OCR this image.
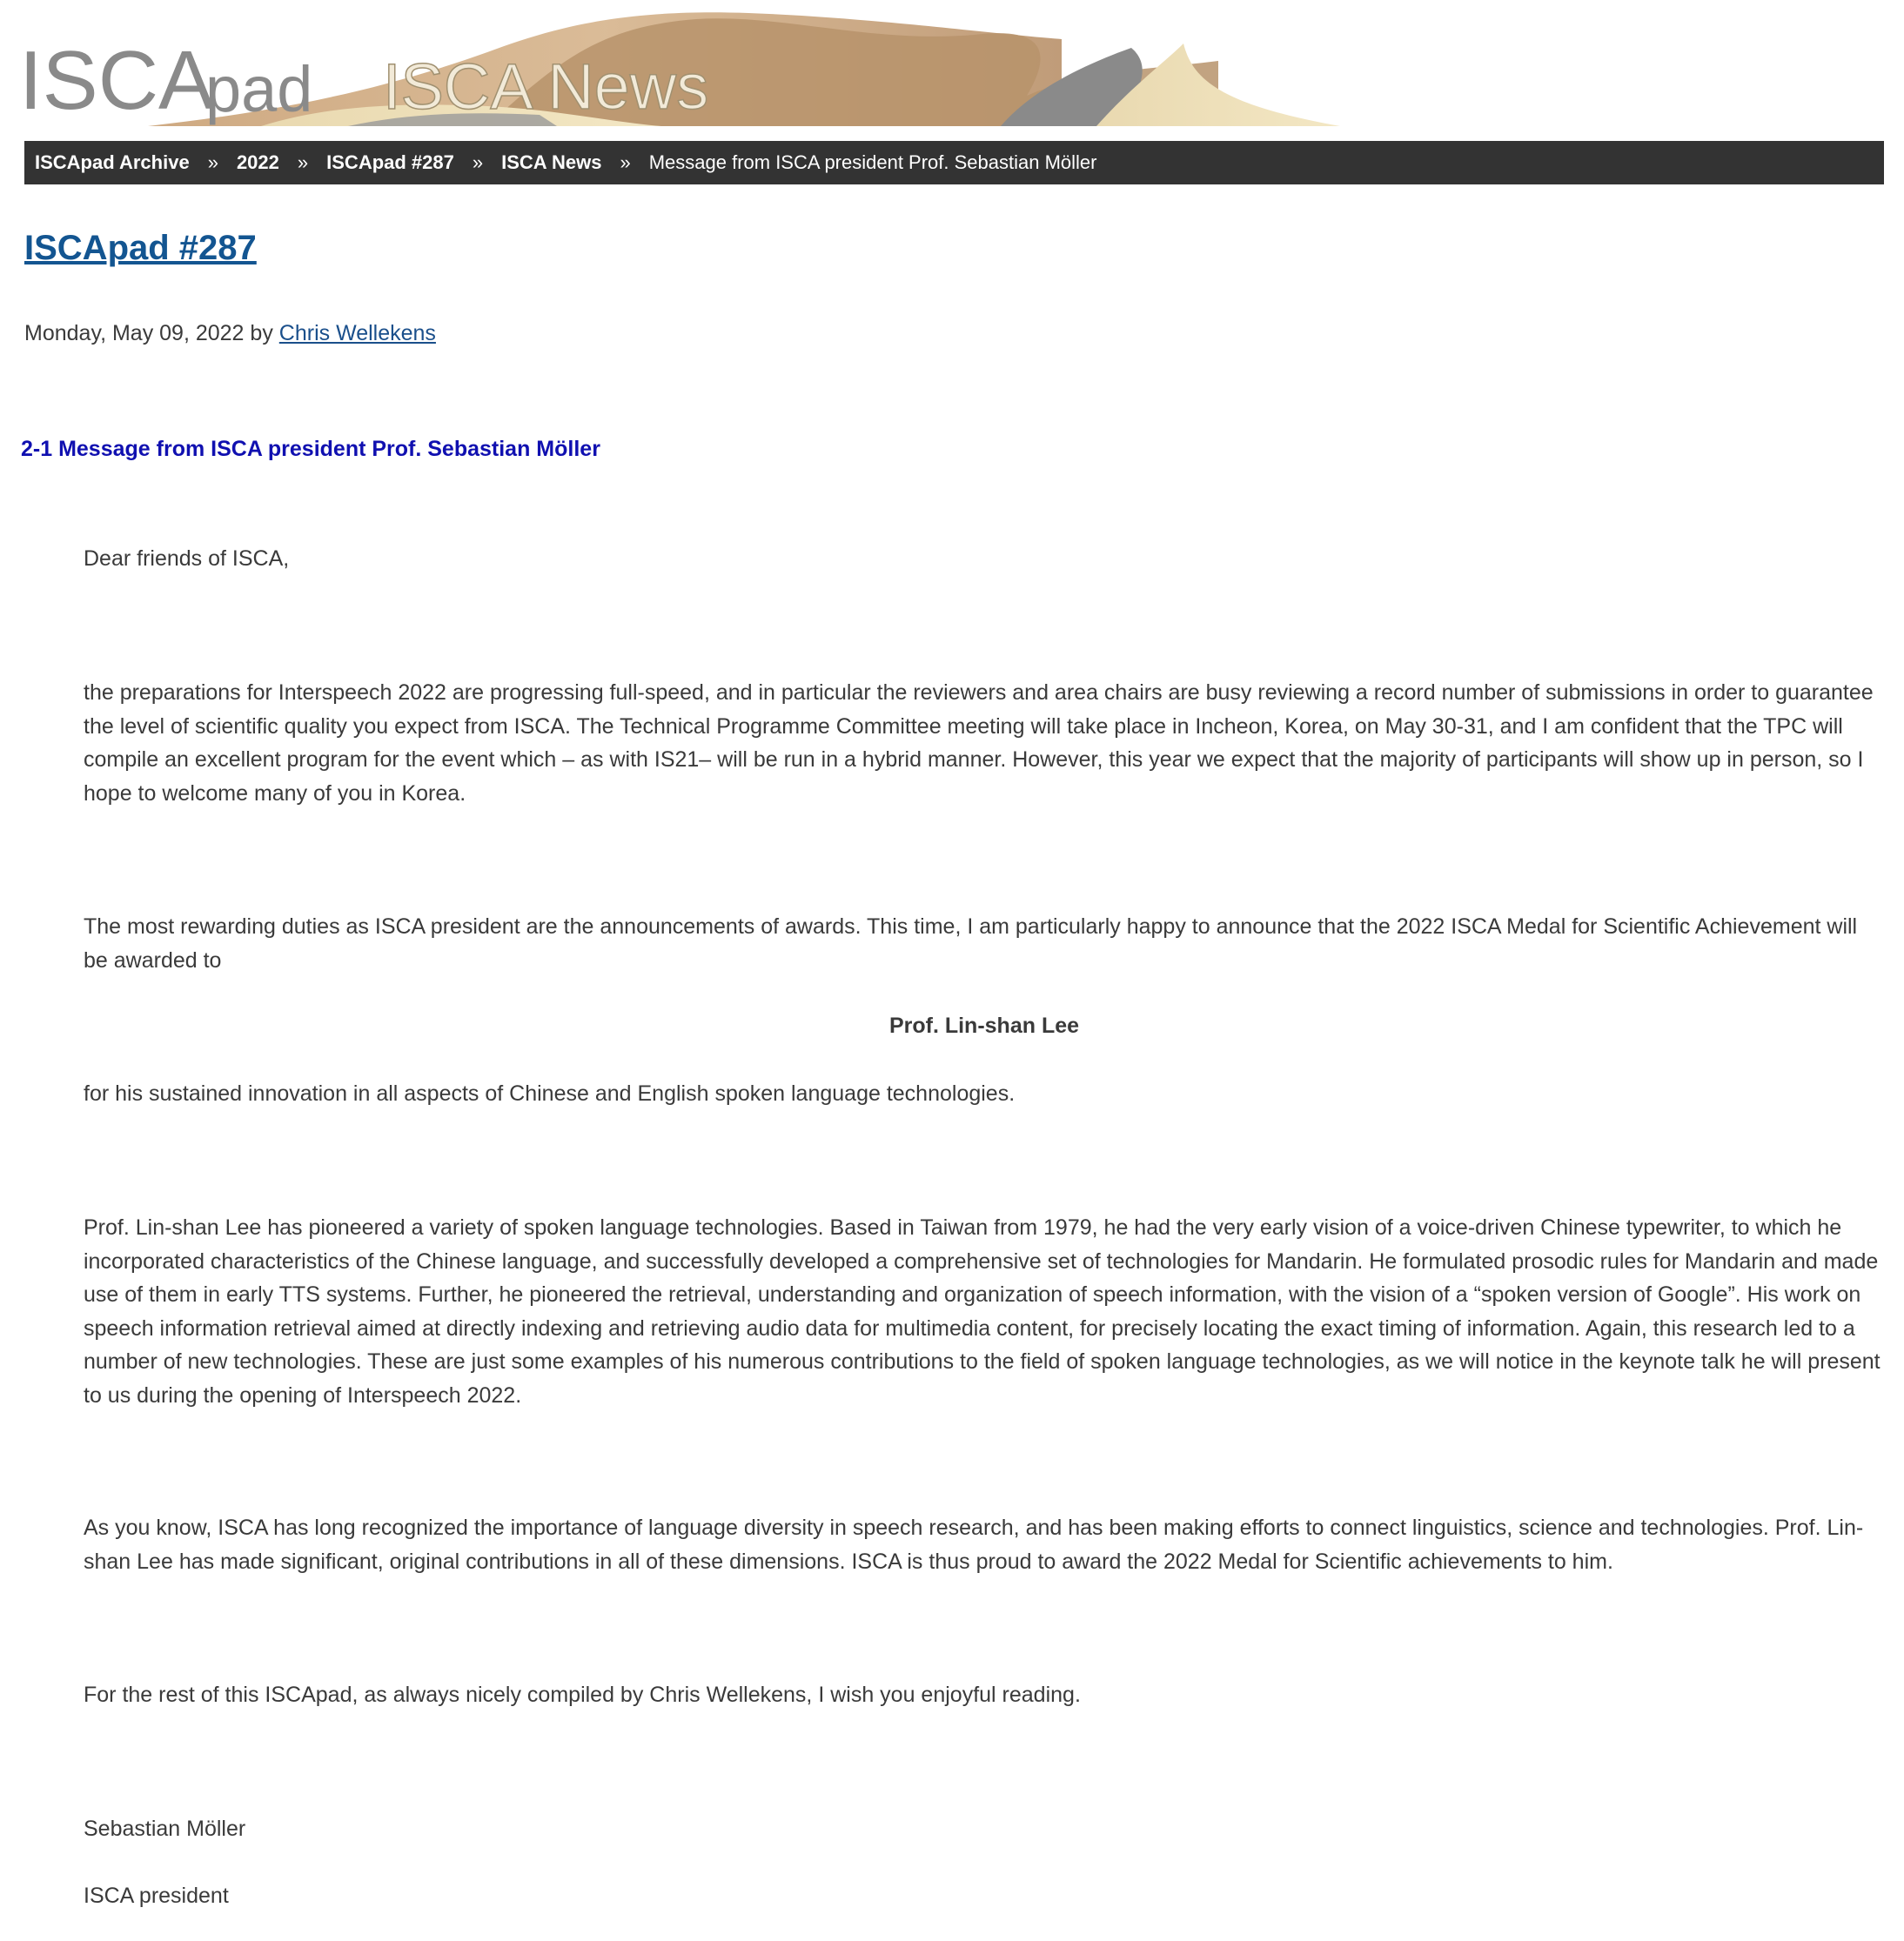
ISCA
pad ISCA News
ISCApad Archive » 2022 » ISCApad #287 » ISCA News » Message from ISCA president Prof. Sebastian Möller
ISCApad #287
Monday, May 09, 2022 by Chris Wellekens
2-1 Message from ISCA president Prof. Sebastian Möller

Dear friends of ISCA,

the preparations for Interspeech 2022 are progressing full-speed, and in particular the reviewers and area chairs are busy reviewing a record number of submissions in order to guarantee the level of scientific quality you expect from ISCA. The Technical Programme Committee meeting will take place in Incheon, Korea, on May 30-31, and I am confident that the TPC will compile an excellent program for the event which – as with IS21– will be run in a hybrid manner. However, this year we expect that the majority of participants will show up in person, so I hope to welcome many of you in Korea.

The most rewarding duties as ISCA president are the announcements of awards. This time, I am particularly happy to announce that the 2022 ISCA Medal for Scientific Achievement will be awarded to

Prof. Lin-shan Lee

for his sustained innovation in all aspects of Chinese and English spoken language technologies.

Prof. Lin-shan Lee has pioneered a variety of spoken language technologies. Based in Taiwan from 1979, he had the very early vision of a voice-driven Chinese typewriter, to which he incorporated characteristics of the Chinese language, and successfully developed a comprehensive set of technologies for Mandarin. He formulated prosodic rules for Mandarin and made use of them in early TTS systems. Further, he pioneered the retrieval, understanding and organization of speech information, with the vision of a “spoken version of Google”. His work on speech information retrieval aimed at directly indexing and retrieving audio data for multimedia content, for precisely locating the exact timing of information. Again, this research led to a number of new technologies. These are just some examples of his numerous contributions to the field of spoken language technologies, as we will notice in the keynote talk he will present to us during the opening of Interspeech 2022.

As you know, ISCA has long recognized the importance of language diversity in speech research, and has been making efforts to connect linguistics, science and technologies. Prof. Lin-shan Lee has made significant, original contributions in all of these dimensions. ISCA is thus proud to award the 2022 Medal for Scientific achievements to him.

For the rest of this ISCApad, as always nicely compiled by Chris Wellekens, I wish you enjoyful reading.

Sebastian Möller

ISCA president
